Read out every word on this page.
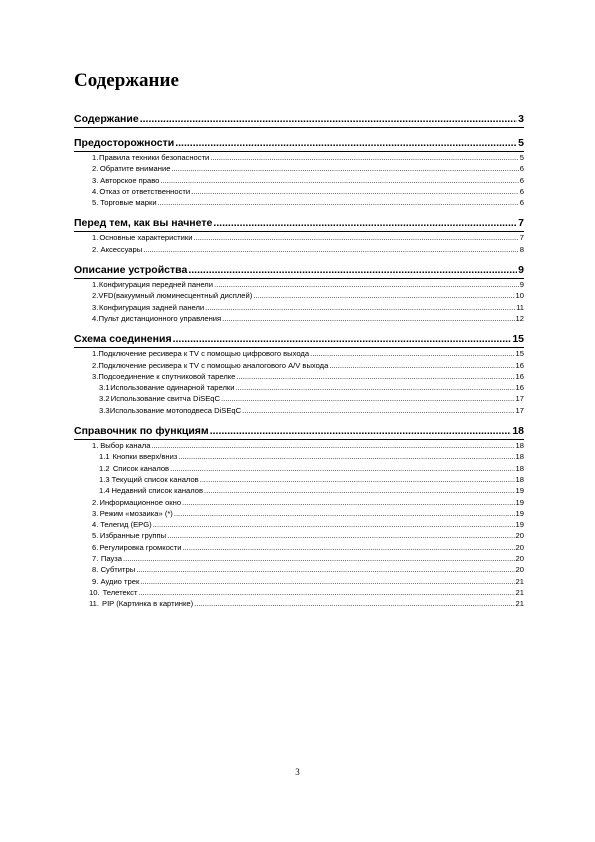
Содержание
Содержание .....	3
Предосторожности .....	5
1. Правила техники безопасности .....	5
2. Обратите внимание .....	6
3. Авторское право .....	6
4. Отказ от ответственности .....	6
5. Торговые марки .....	6
Перед тем, как вы начнете .....	7
1. Основные характеристики .....	7
2. Аксессуары .....	8
Описание устройства .....	9
1. Конфигурация передней панели .....	9
2. VFD(вакуумный люминесцентный дисплей) .....	10
3. Конфигурация задней панели .....	11
4. Пульт дистанционного управления .....	12
Схема соединения .....	15
1. Подключение ресивера к TV с помощью цифрового выхода .....	15
2. Подключение ресивера к TV с помощью аналогового A/V выхода .....	16
3. Подсоединение к спутниковой тарелке .....	16
3.1 Использование одинарной тарелки .....	16
3.2 Использование свитча DiSEqC .....	17
3.3 Использование мотоподвеса DiSEqC .....	17
Справочник по функциям .....	18
1. Выбор канала .....	18
1.1 Кнопки вверх/вниз .....	18
1.2 Список каналов .....	18
1.3 Текущий список каналов .....	18
1.4 Недавний список каналов .....	19
2. Информационное окно .....	19
3. Режим «мозаика» (*) .....	19
4. Телегид (EPG) .....	19
5. Избранные группы .....	20
6. Регулировка громкости .....	20
7. Пауза .....	20
8. Субтитры .....	20
9. Аудио трек .....	21
10. Телетекст .....	21
11. PIP (Картинка в картинке) .....	21
3
